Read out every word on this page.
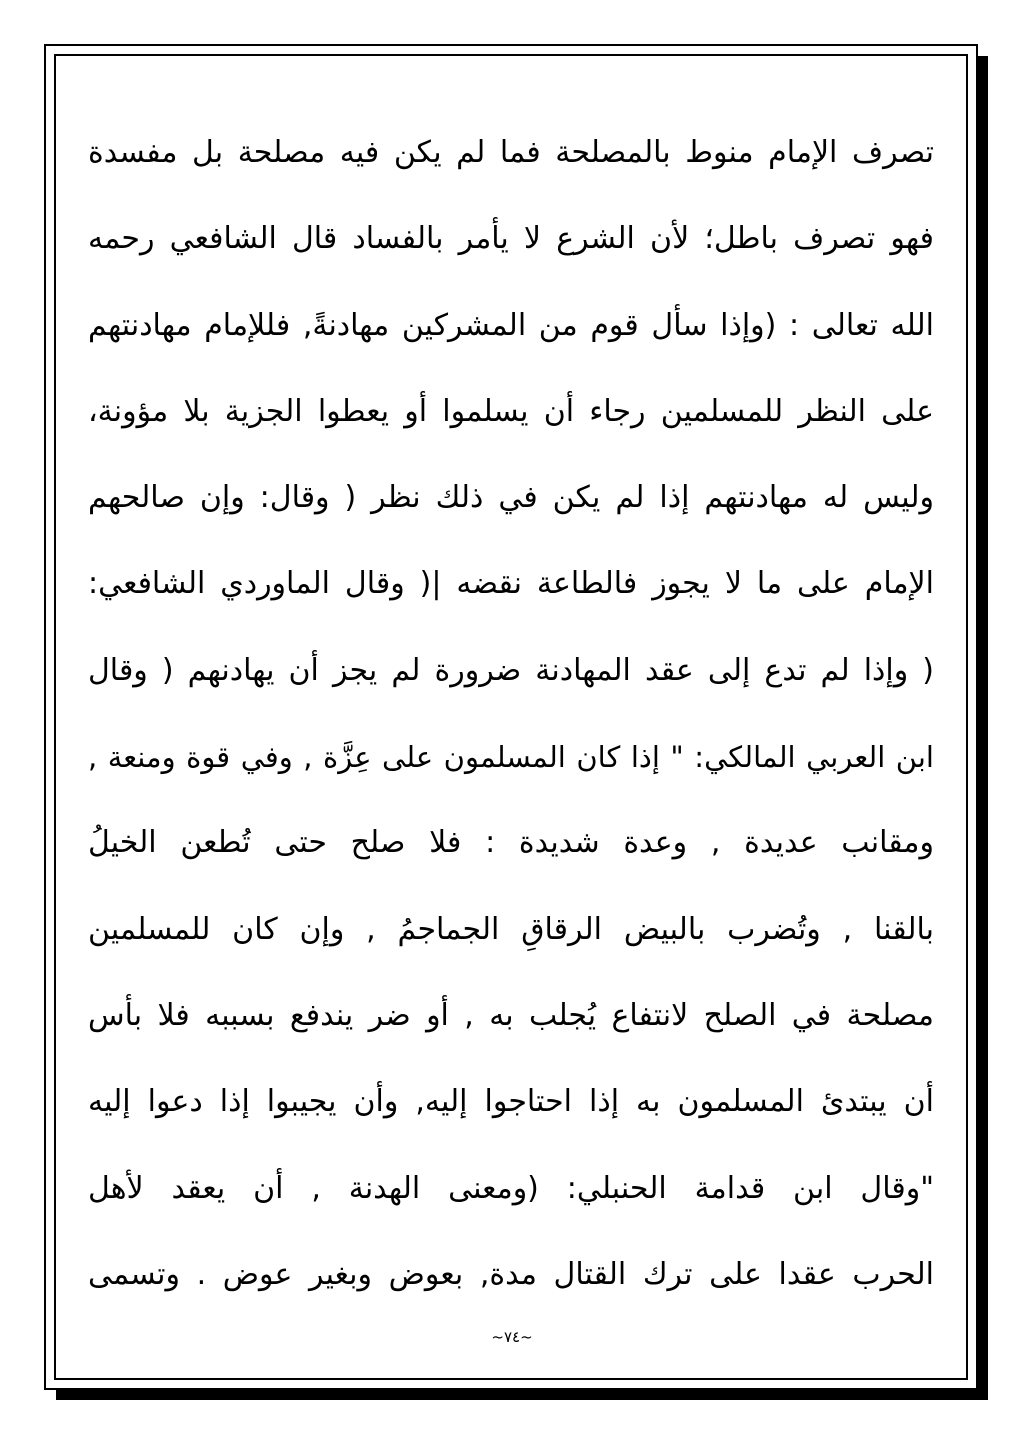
تصرف الإمام منوط بالمصلحة فما لم يكن فيه مصلحة بل مفسدة
فهو تصرف باطل؛ لأن الشرع لا يأمر بالفساد قال الشافعي رحمه
الله تعالى : (وإذا سأل قوم من المشركين مهادنةً, فللإمام مهادنتهم
على النظر للمسلمين رجاء أن يسلموا أو يعطوا الجزية بلا مؤونة،
وليس له مهادنتهم إذا لم يكن في ذلك نظر ( وقال: وإن صالحهم
الإمام على ما لا يجوز فالطاعة نقضه |( وقال الماوردي الشافعي:
( وإذا لم تدع إلى عقد المهادنة ضرورة لم يجز أن يهادنهم ( وقال
ابن العربي المالكي: " إذا كان المسلمون على عِزَّة , وفي قوة ومنعة ,
ومقانب عديدة , وعدة شديدة : فلا صلح حتى تُطعن الخيلُ
بالقنا , وتُضرب بالبيض الرقاقِ الجماجمُ , وإن كان للمسلمين
مصلحة في الصلح لانتفاع يُجلب به , أو ضر يندفع بسببه فلا بأس
أن يبتدئ المسلمون به إذا احتاجوا إليه, وأن يجيبوا إذا دعوا إليه
"وقال ابن قدامة الحنبلي: (ومعنى الهدنة , أن يعقد لأهل
الحرب عقدا على ترك القتال مدة, بعوض وبغير عوض . وتسمى
~٧٤~
